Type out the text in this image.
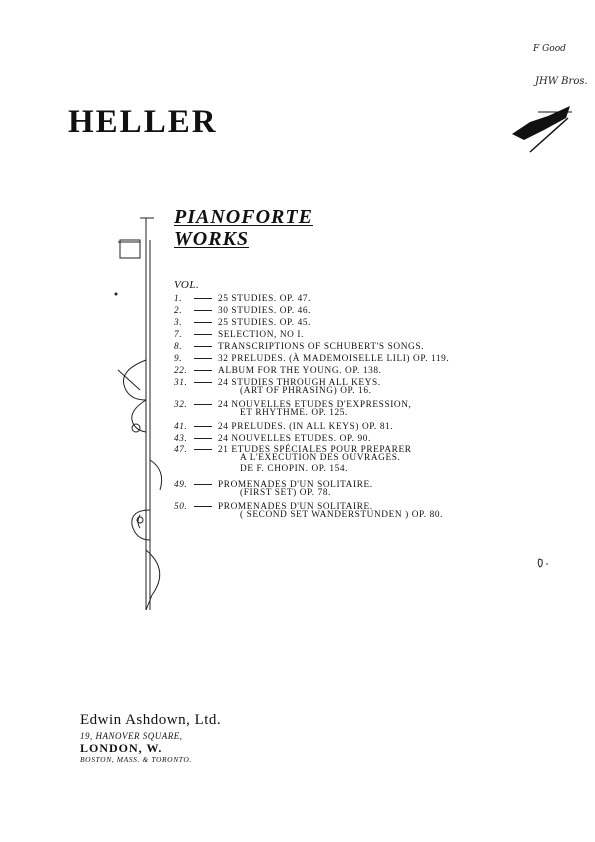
F Good
JHW Bros.
HELLER
PIANOFORTE
WORKS
VOL.
1.	25 STUDIES. OP. 47.
2.	30 STUDIES. OP. 46.
3.	25 STUDIES. OP. 45.
7.	SELECTION, NO I.
8.	TRANSCRIPTIONS OF SCHUBERT'S SONGS.
9.	32 PRELUDES. (À MADEMOISELLE LILI) OP. 119.
22.	ALBUM FOR THE YOUNG. OP. 138.
31.	24 STUDIES THROUGH ALL KEYS.
(ART OF PHRASING) OP. 16.
32.	24 NOUVELLES ETUDES D'EXPRESSION,
ET RHYTHME. OP. 125.
41.	24 PRELUDES. (IN ALL KEYS) OP. 81.
43.	24 NOUVELLES ETUDES. OP. 90.
47.	21 ETUDES SPÉCIALES POUR PREPARER
A L'EXECUTION DES OUVRAGES.
DE F. CHOPIN. OP. 154.
49.	PROMENADES D'UN SOLITAIRE.
(FIRST SET) OP. 78.
50.	PROMENADES D'UN SOLITAIRE.
( SECOND SET WANDERSTUNDEN ) OP. 80.
Edwin Ashdown, Ltd.
19, HANOVER SQUARE,
LONDON, W.
BOSTON, MASS. & TORONTO.
